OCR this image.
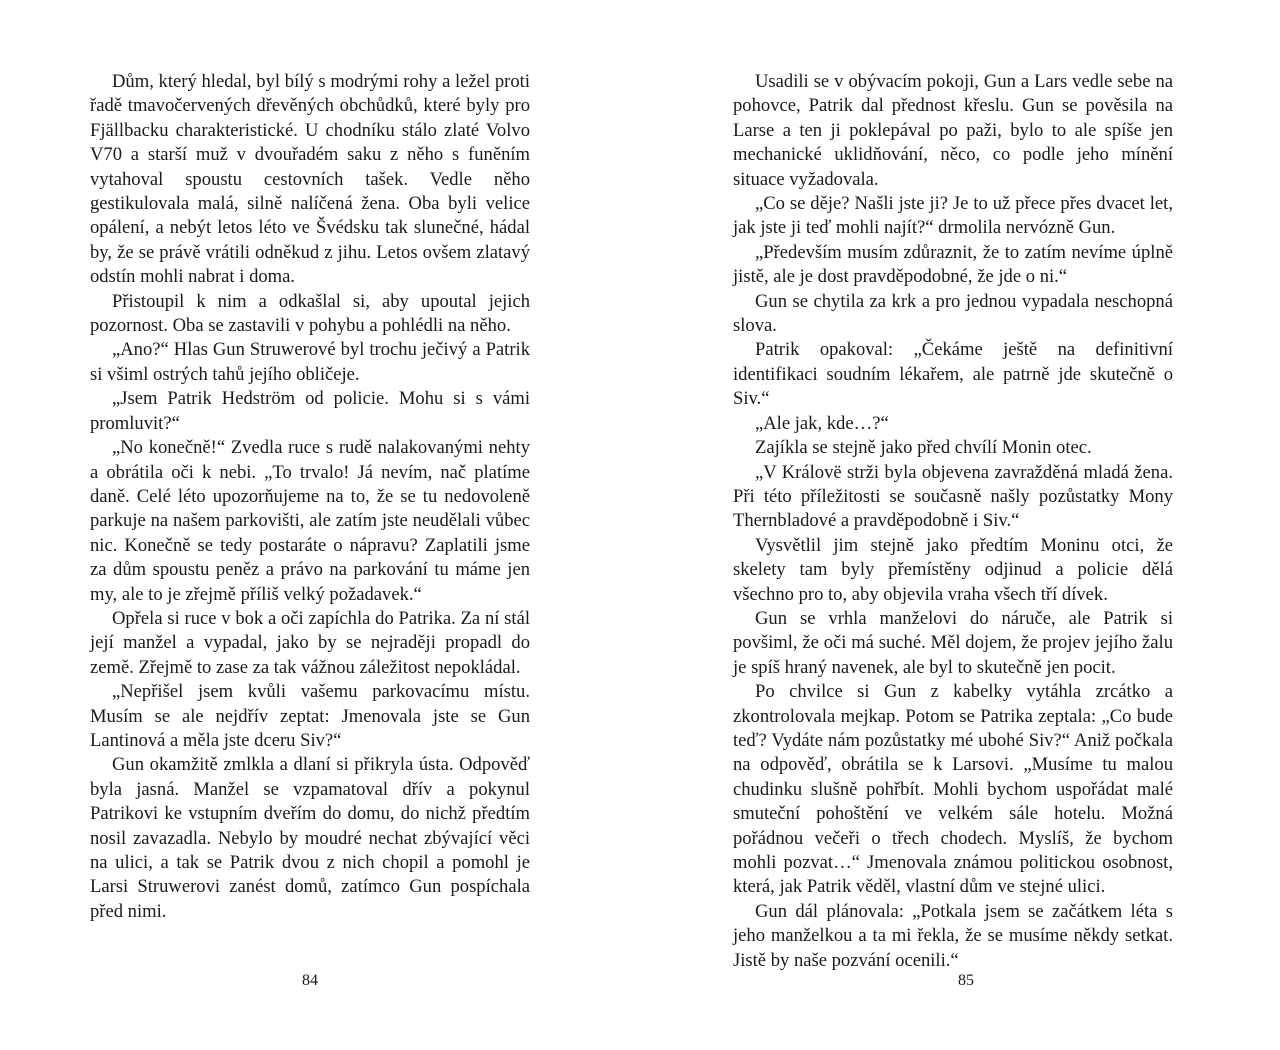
Dům, který hledal, byl bílý s modrými rohy a ležel proti řadě tmavočervených dřevěných obchůdků, které byly pro Fjällbacku charakteristické. U chodníku stálo zlaté Volvo V70 a starší muž v dvouřadém saku z něho s funěním vytahoval spoustu cestovních tašek. Vedle něho gestikulovala malá, silně nalíčená žena. Oba byli velice opálení, a nebýt letos léto ve Švédsku tak slunečné, hádal by, že se právě vrátili odněkud z jihu. Letos ovšem zlatavý odstín mohli nabrat i doma.

Přistoupil k nim a odkašlal si, aby upoutal jejich pozornost. Oba se zastavili v pohybu a pohlédli na něho.

„Ano?“ Hlas Gun Struwerové byl trochu ječivý a Patrik si všiml ostrých tahů jejího obličeje.

„Jsem Patrik Hedström od policie. Mohu si s vámi promluvit?“

„No konečně!“ Zvedla ruce s rudě nalakovanými nehty a obrátila oči k nebi. „To trvalo! Já nevím, nač platíme daně. Celé léto upozorňujeme na to, že se tu nedovoleně parkuje na našem parkovišti, ale zatím jste neudělali vůbec nic. Konečně se tedy postaráte o nápravu? Zaplatili jsme za dům spoustu peněz a právo na parkování tu máme jen my, ale to je zřejmě příliš velký požadavek.“

Opřela si ruce v bok a oči zapíchla do Patrika. Za ní stál její manžel a vypadal, jako by se nejraději propadl do země. Zřejmě to zase za tak vážnou záležitost nepokládal.

„Nepřišel jsem kvůli vašemu parkovacímu místu. Musím se ale nejdřív zeptat: Jmenovala jste se Gun Lantinová a měla jste dceru Siv?“

Gun okamžitě zmlkla a dlaní si přikryla ústa. Odpověď byla jasná. Manžel se vzpamatoval dřív a pokynul Patrikovi ke vstupním dveřím do domu, do nichž předtím nosil zavazadla. Nebylo by moudré nechat zbývající věci na ulici, a tak se Patrik dvou z nich chopil a pomohl je Larsi Struwerovi zanést domů, zatímco Gun pospíchala před nimi.

84

Usadili se v obývacím pokoji, Gun a Lars vedle sebe na pohovce, Patrik dal přednost křeslu. Gun se pověsila na Larse a ten ji poklepával po paži, bylo to ale spíše jen mechanické uklidňování, něco, co podle jeho mínění situace vyžadovala.

„Co se děje? Našli jste ji? Je to už přece přes dvacet let, jak jste ji teď mohli najít?“ drmolila nervózně Gun.

„Především musím zdůraznit, že to zatím nevíme úplně jistě, ale je dost pravděpodobné, že jde o ni.“

Gun se chytila za krk a pro jednou vypadala neschopná slova.

Patrik opakoval: „Čekáme ještě na definitivní identifikaci soudním lékařem, ale patrně jde skutečně o Siv.“

„Ale jak, kde…?“

Zajíkla se stejně jako před chvílí Monin otec.

„V Královë strži byla objevena zavražděná mladá žena. Při této příležitosti se současně našly pozůstatky Mony Thernbladové a pravděpodobně i Siv.“

Vysvětlil jim stejně jako předtím Moninu otci, že skelety tam byly přemístěny odjinud a policie dělá všechno pro to, aby objevila vraha všech tří dívek.

Gun se vrhla manželovi do náruče, ale Patrik si povšiml, že oči má suché. Měl dojem, že projev jejího žalu je spíš hraný navenek, ale byl to skutečně jen pocit.

Po chvilce si Gun z kabelky vytáhla zrcátko a zkontrolovala mejkap. Potom se Patrika zeptala: „Co bude teď? Vydáte nám pozůstatky mé ubohé Siv?“ Aniž počkala na odpověď, obrátila se k Larsovi. „Musíme tu malou chudinku slušně pohřbít. Mohli bychom uspořádat malé smuteční pohoštění ve velkém sále hotelu. Možná pořádnou večeři o třech chodech. Myslíš, že bychom mohli pozvat…“ Jmenovala známou politickou osobnost, která, jak Patrik věděl, vlastní dům ve stejné ulici.

Gun dál plánovala: „Potkala jsem se začátkem léta s jeho manželkou a ta mi řekla, že se musíme někdy setkat. Jistě by naše pozvání ocenili.“

85
